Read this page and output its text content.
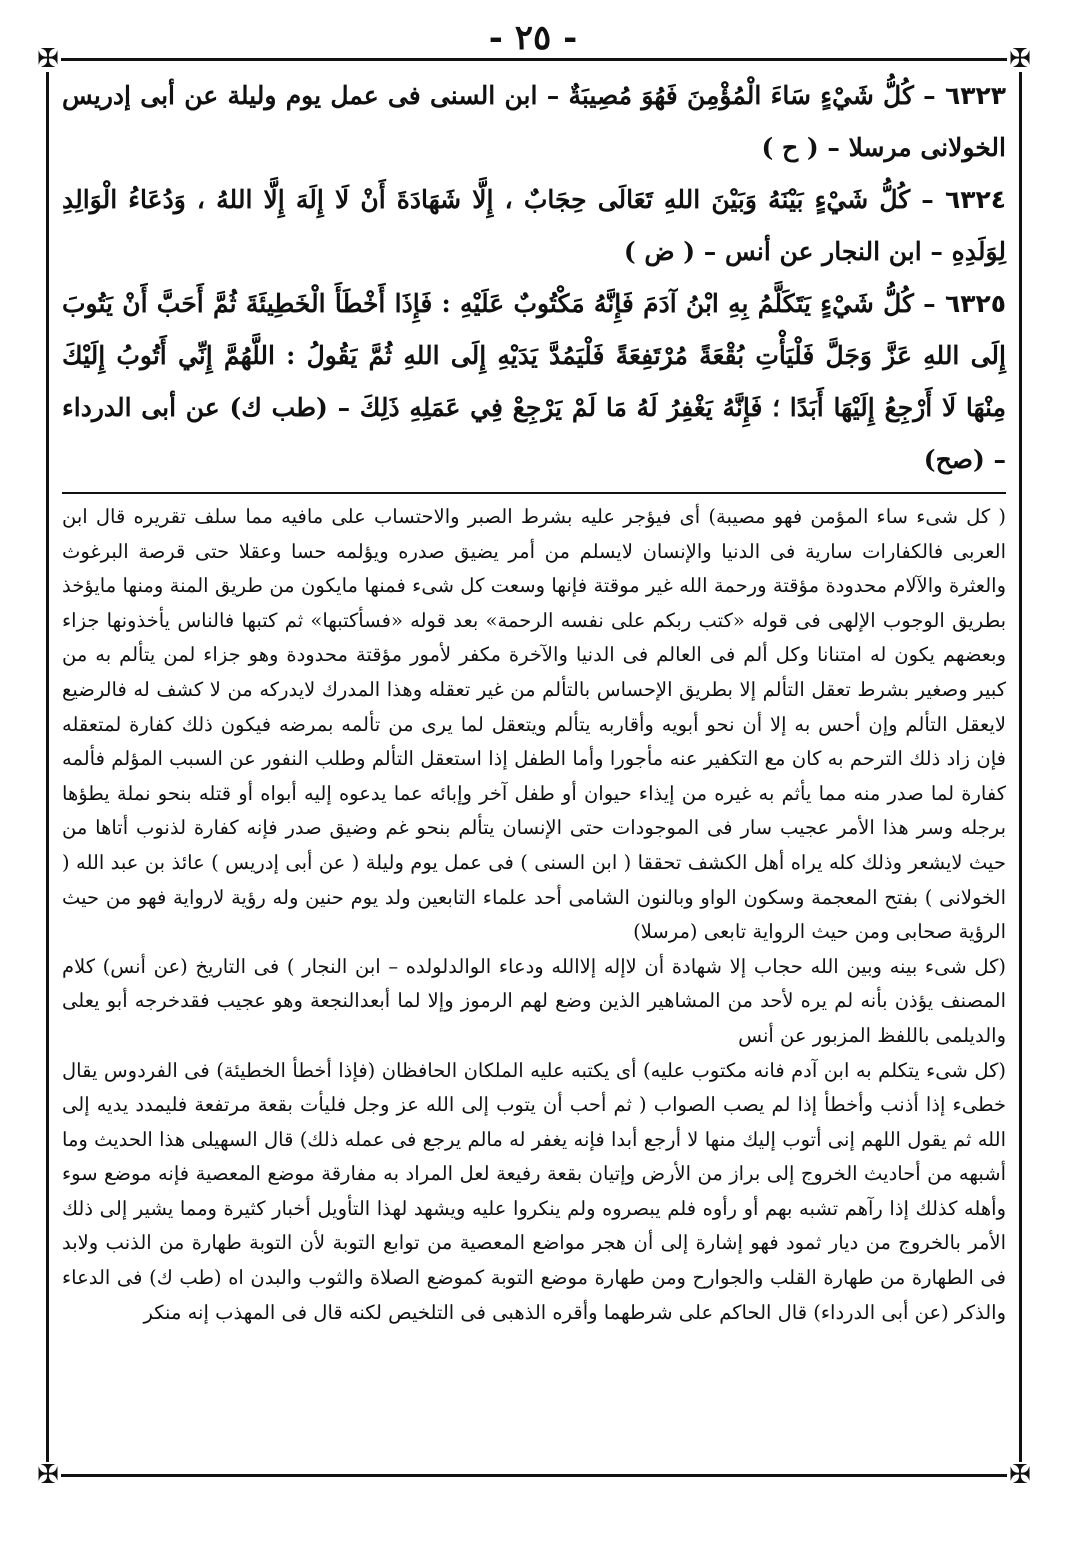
- ٢٥ -
✠	✠
✠	✠

٦٣٢٣ – كُلُّ شَيْءٍ سَاءَ الْمُؤْمِنَ فَهُوَ مُصِيبَةٌ – ابن السنى فى عمل يوم وليلة عن أبى إدريس الخولانى مرسلا – ( ح )

٦٣٢٤ – كُلُّ شَيْءٍ بَيْنَهُ وَبَيْنَ اللهِ تَعَالَى حِجَابٌ ، إِلَّا شَهَادَةَ أَنْ لَا إِلَهَ إِلَّا اللهُ ، وَدُعَاءُ الْوَالِدِ لِوَلَدِهِ – ابن النجار عن أنس – ( ض )

٦٣٢٥ – كُلُّ شَيْءٍ يَتَكَلَّمُ بِهِ ابْنُ آدَمَ فَإِنَّهُ مَكْتُوبٌ عَلَيْهِ : فَإِذَا أَخْطَأَ الْخَطِيئَةَ ثُمَّ أَحَبَّ أَنْ يَتُوبَ إِلَى اللهِ عَزَّ وَجَلَّ فَلْيَأْتِ بُقْعَةً مُرْتَفِعَةً فَلْيَمُدَّ يَدَيْهِ إِلَى اللهِ ثُمَّ يَقُولُ : اللَّهُمَّ إِنِّي أَتُوبُ إِلَيْكَ مِنْهَا لَا أَرْجِعُ إِلَيْهَا أَبَدًا ؛ فَإِنَّهُ يَغْفِرُ لَهُ مَا لَمْ يَرْجِعْ فِي عَمَلِهِ ذَلِكَ – (طب ك) عن أبى الدرداء – (صح)

( كل شىء ساء المؤمن فهو مصيبة) أى فيؤجر عليه بشرط الصبر والاحتساب على مافيه مما سلف تقريره قال ابن العربى فالكفارات سارية فى الدنيا والإنسان لايسلم من أمر يضيق صدره ويؤلمه حسا وعقلا حتى قرصة البرغوث والعثرة والآلام محدودة مؤقتة ورحمة الله غير موقتة فإنها وسعت كل شىء فمنها مايكون من طريق المنة ومنها مايؤخذ بطريق الوجوب الإلهى فى قوله «كتب ربكم على نفسه الرحمة» بعد قوله «فسأكتبها» ثم كتبها فالناس يأخذونها جزاء وبعضهم يكون له امتنانا وكل ألم فى العالم فى الدنيا والآخرة مكفر لأمور مؤقتة محدودة وهو جزاء لمن يتألم به من كبير وصغير بشرط تعقل التألم إلا بطريق الإحساس بالتألم من غير تعقله وهذا المدرك لايدركه من لا كشف له فالرضيع لايعقل التألم وإن أحس به إلا أن نحو أبويه وأقاربه يتألم ويتعقل لما يرى من تألمه بمرضه فيكون ذلك كفارة لمتعقله فإن زاد ذلك الترحم به كان مع التكفير عنه مأجورا وأما الطفل إذا استعقل التألم وطلب النفور عن السبب المؤلم فألمه كفارة لما صدر منه مما يأثم به غيره من إيذاء حيوان أو طفل آخر وإبائه عما يدعوه إليه أبواه أو قتله بنحو نملة يطؤها برجله وسر هذا الأمر عجيب سار فى الموجودات حتى الإنسان يتألم بنحو غم وضيق صدر فإنه كفارة لذنوب أتاها من حيث لايشعر وذلك كله يراه أهل الكشف تحققا ( ابن السنى ) فى عمل يوم وليلة ( عن أبى إدريس ) عائذ بن عبد الله ( الخولانى ) بفتح المعجمة وسكون الواو وبالنون الشامى أحد علماء التابعين ولد يوم حنين وله رؤية لارواية فهو من حيث الرؤية صحابى ومن حيث الرواية تابعى (مرسلا)

(كل شىء بينه وبين الله حجاب إلا شهادة أن لاإله إلاالله ودعاء الوالدلولده – ابن النجار ) فى التاريخ (عن أنس) كلام المصنف يؤذن بأنه لم يره لأحد من المشاهير الذين وضع لهم الرموز وإلا لما أبعدالنجعة وهو عجيب فقدخرجه أبو يعلى والديلمى باللفظ المزبور عن أنس

(كل شىء يتكلم به ابن آدم فانه مكتوب عليه) أى يكتبه عليه الملكان الحافظان (فإذا أخطأ الخطيئة) فى الفردوس يقال خطىء إذا أذنب وأخطأ إذا لم يصب الصواب ( ثم أحب أن يتوب إلى الله عز وجل فليأت بقعة مرتفعة فليمدد يديه إلى الله ثم يقول اللهم إنى أتوب إليك منها لا أرجع أبدا فإنه يغفر له مالم يرجع فى عمله ذلك) قال السهيلى هذا الحديث وما أشبهه من أحاديث الخروج إلى براز من الأرض وإتيان بقعة رفيعة لعل المراد به مفارقة موضع المعصية فإنه موضع سوء وأهله كذلك إذا رآهم تشبه بهم أو رأوه فلم يبصروه ولم ينكروا عليه ويشهد لهذا التأويل أخبار كثيرة ومما يشير إلى ذلك الأمر بالخروج من ديار ثمود فهو إشارة إلى أن هجر مواضع المعصية من توابع التوبة لأن التوبة طهارة من الذنب ولابد فى الطهارة من طهارة القلب والجوارح ومن طهارة موضع التوبة كموضع الصلاة والثوب والبدن اه (طب ك) فى الدعاء والذكر (عن أبى الدرداء) قال الحاكم على شرطهما وأقره الذهبى فى التلخيص لكنه قال فى المهذب إنه منكر
